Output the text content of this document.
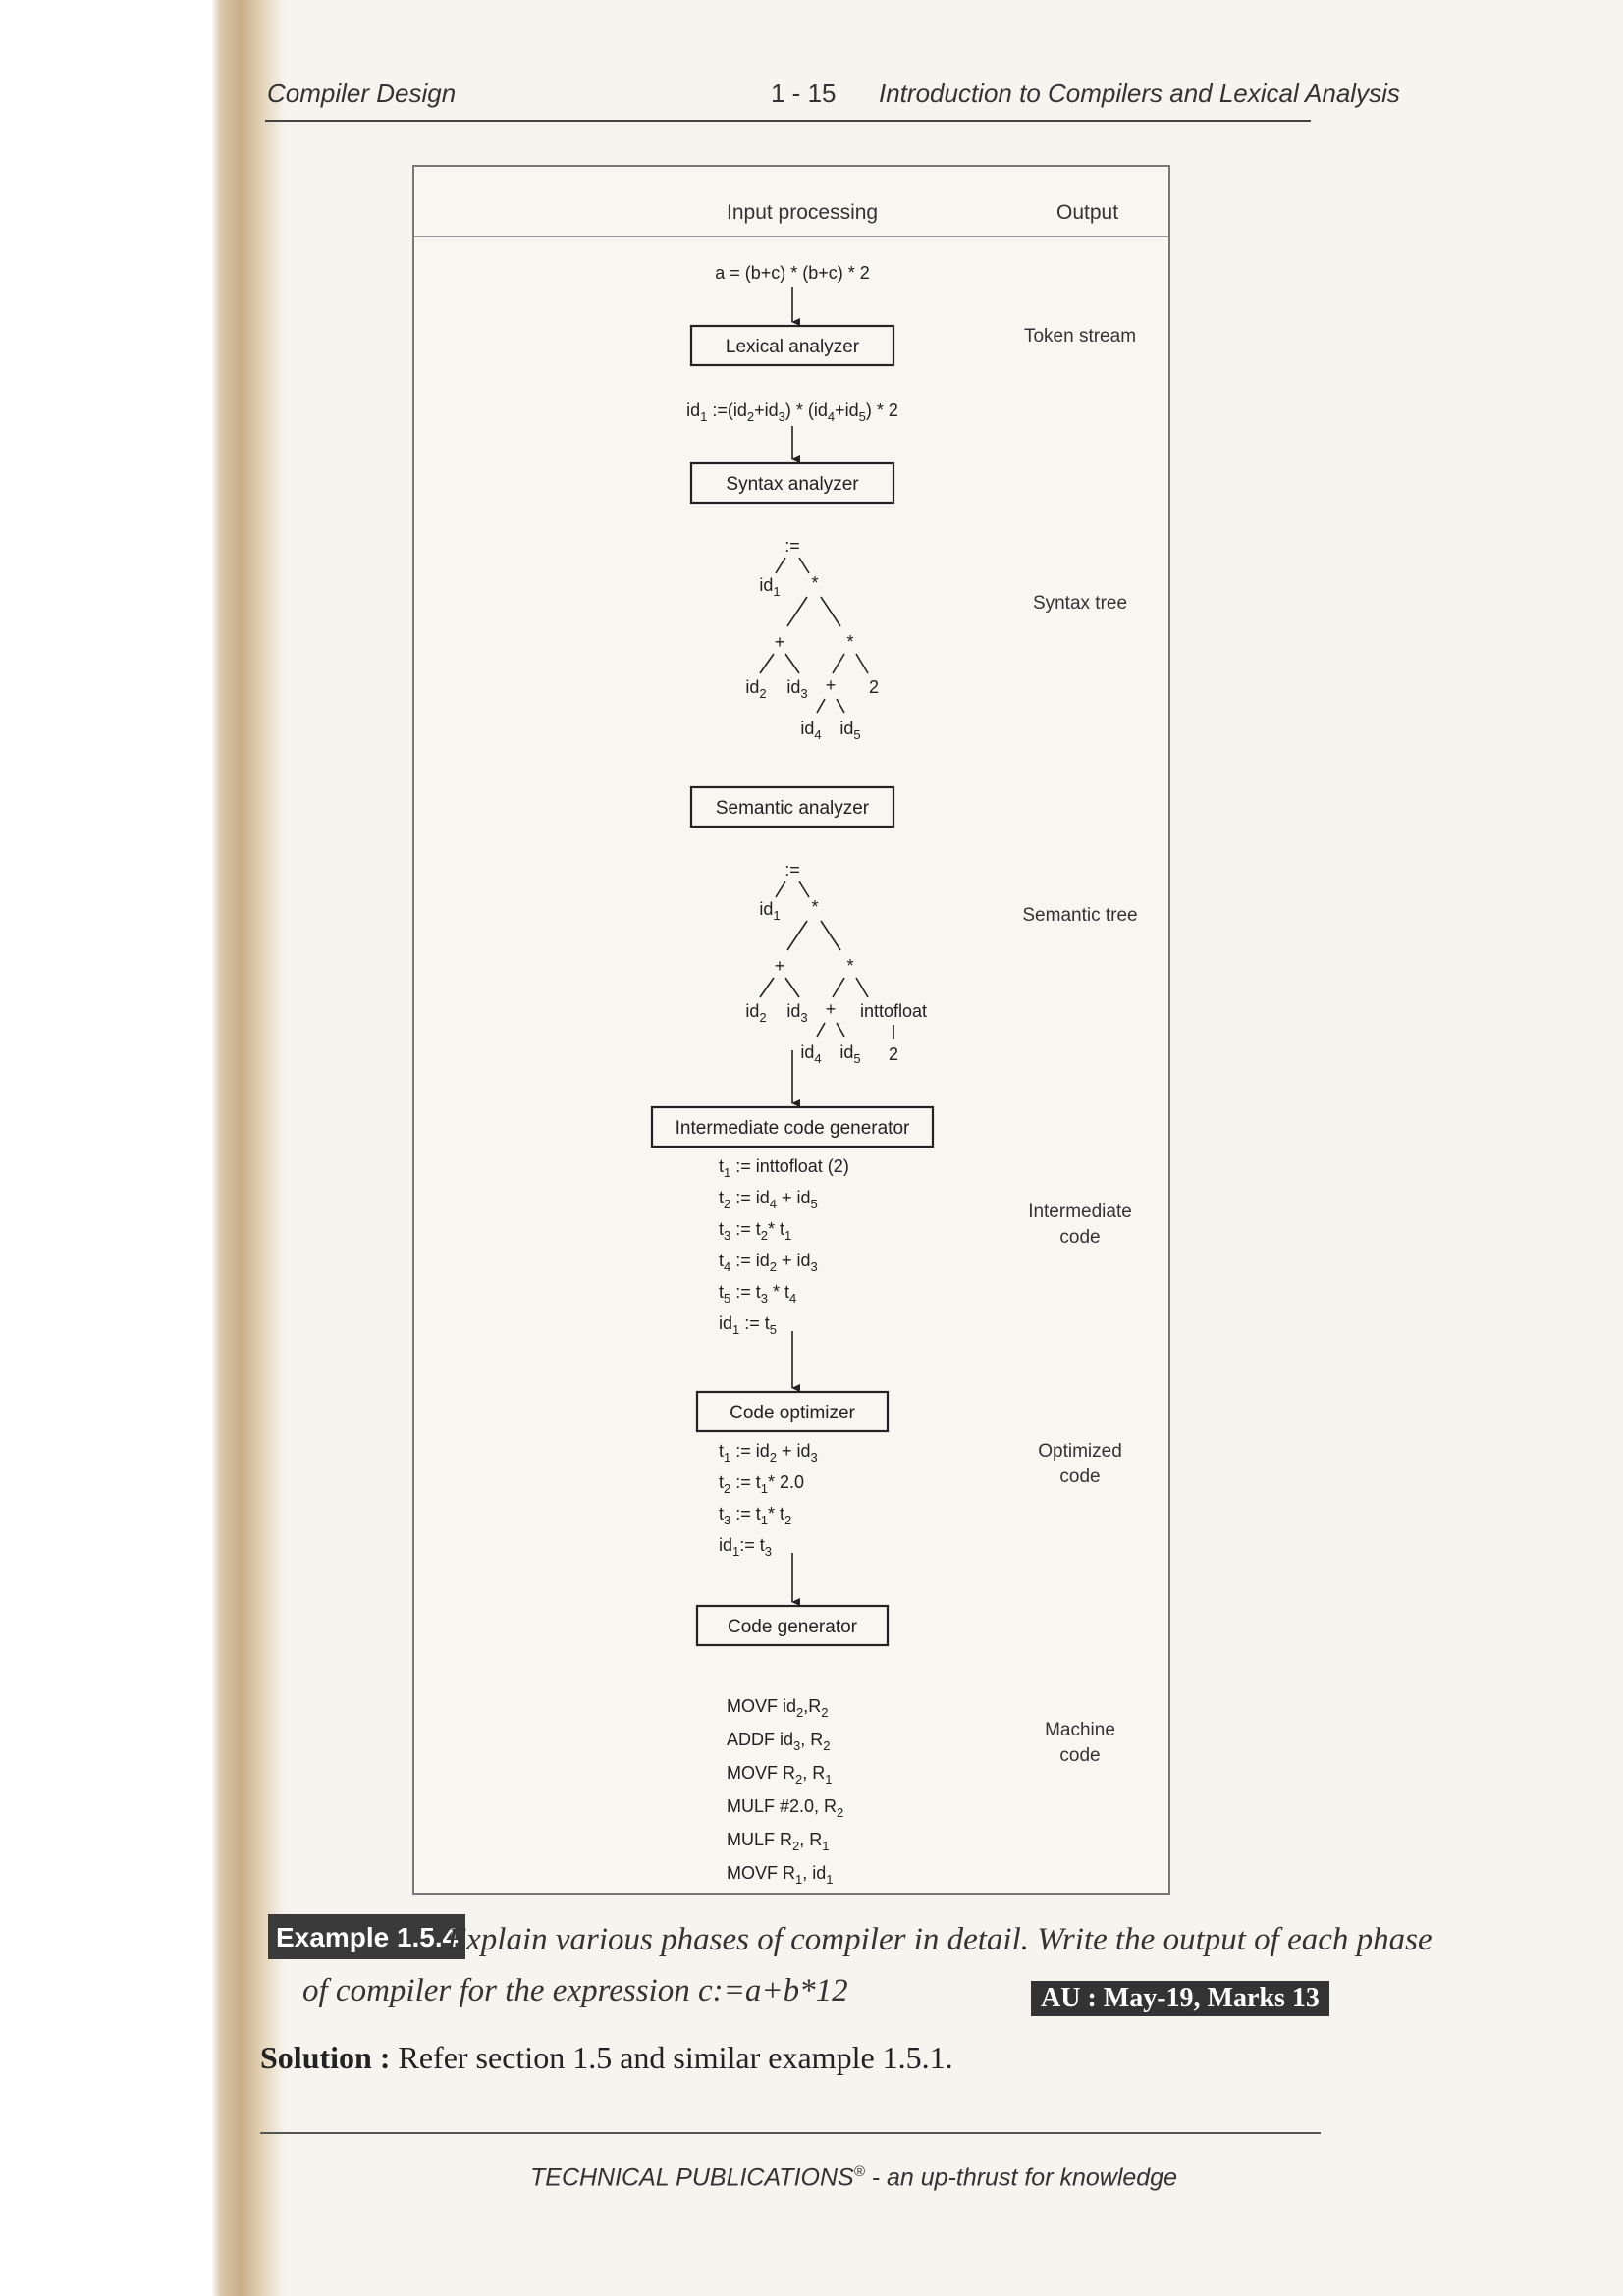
Compiler Design	1 - 15 Introduction to Compilers and Lexical Analysis
Input processing	Output
a = (b+c) * (b+c) * 2
Lexical analyzer
Token stream
$id_1$ $:=(id_2+id_3) * (id_4+id_5) * 2$
Syntax analyzer
:=
$id_1$ *
+	*
$id_2$ $id_3 + 2$
$id_4$ $id_5$
Syntax tree
Semantic analyzer
:=
$id_1$ *
+	*
$id_2$ $id_3$ + inttofloat
$id_4$ $id_5$ 2
Semantic tree
Intermediate code generator
$t_1$ := inttofloat (2)
$t_2$ := $id_4 + id_5$
$t_3$ := $t_2*$ $t_1$
$t_4$ := $id_2 + id_3$
$t_5$ := $t_3 * t_4$
$id_1$ := $t_5$
Intermediate
code
Code optimizer
$t_1$ := $id_2 + id_3$
$t_2$ := $t_1*$ 2.0
$t_3$ := $t_1*$ $t_2$
$id_1:= t_3$
Optimized
code
Code generator
MOVF $id_2,R_2$
ADDF $id_3$, $R_2$
MOVF $R_2$, $R_1$
MULF #2.0, $R_2$
MULF $R_2$, $R_1$
MOVF $R_1$, $id_1$
Machine
code
Example 1.5.4
Explain various phases of compiler in detail. Write the output of each phase
of compiler for the expression c:=a+b*12	AU : May-19, Marks 13
Solution : Refer section 1.5 and similar example 1.5.1.
TECHNICAL PUBLICATIONS® - an up-thrust for knowledge
